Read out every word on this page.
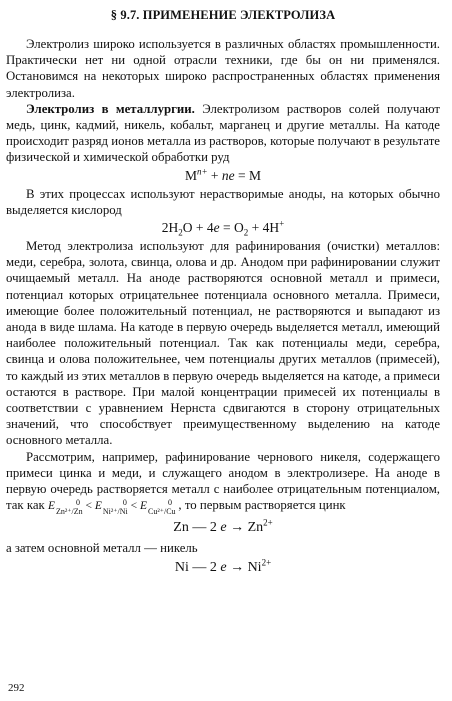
§ 9.7. ПРИМЕНЕНИЕ ЭЛЕКТРОЛИЗА

Электролиз широко используется в различных областях промышленности. Практически нет ни одной отрасли техники, где бы он ни применялся. Остановимся на некоторых широко распространенных областях применения электролиза.

Электролиз в металлургии. Электролизом растворов солей получают медь, цинк, кадмий, никель, кобальт, марганец и другие металлы. На катоде происходит разряд ионов металла из растворов, которые получают в результате физической и химической обработки руд

$M^{n+}$ + ne = M

В этих процессах используют нерастворимые аноды, на которых обычно выделяется кислород

$2H_2O + 4e = O_2 + 4H^+$

Метод электролиза используют для рафинирования (очистки) металлов: меди, серебра, золота, свинца, олова и др. Анодом при рафинировании служит очищаемый металл. На аноде растворяются основной металл и примеси, потенциал которых отрицательнее потенциала основного металла. Примеси, имеющие более положительный потенциал, не растворяются и выпадают из анода в виде шлама. На катоде в первую очередь выделяется металл, имеющий наиболее положительный потенциал. Так как потенциалы меди, серебра, свинца и олова положительнее, чем потенциалы других металлов (примесей), то каждый из этих металлов в первую очередь выделяется на катоде, а примеси остаются в растворе. При малой концентрации примесей их потенциалы в соответствии с уравнением Нернста сдвигаются в сторону отрицательных значений, что способствует преимущественному выделению на катоде основного металла.

Рассмотрим, например, рафинирование чернового никеля, содержащего примеси цинка и меди, и служащего анодом в электролизере. На аноде в первую очередь растворяется металл с наиболее отрицательным потенциалом, так как E	0
Zn²⁺/Zn < E	0
Ni²⁺/Ni < E	0
Cu²⁺/Cu , то первым растворяется цинк

Zn — 2 $e \to Zn^{2+}$

а затем основной металл — никель

Ni — 2 $e \to Ni^{2+}$
292
